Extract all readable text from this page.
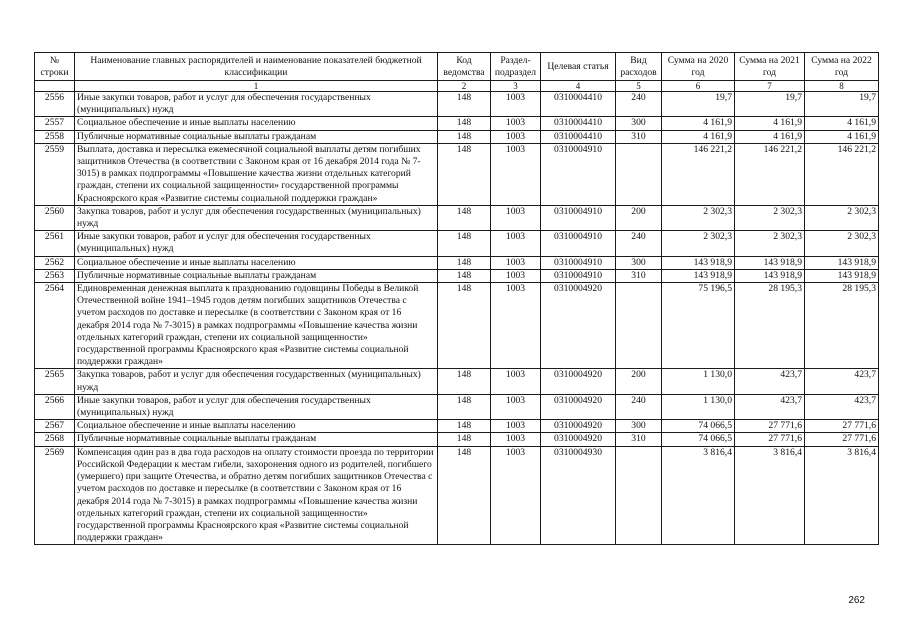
№ строки	Наименование главных распорядителей и наименование показателей бюджетной классификации	Код ведомства	Раздел-подраздел	Целевая статья	Вид расходов	Сумма на 2020 год	Сумма на 2021 год	Сумма на 2022 год
	1	2	3	4	5	6	7	8
2556	Иные закупки товаров, работ и услуг для обеспечения государственных (муниципальных) нужд	148	1003	0310004410	240	19,7	19,7	19,7
2557	Социальное обеспечение и иные выплаты населению	148	1003	0310004410	300	4 161,9	4 161,9	4 161,9
2558	Публичные нормативные социальные выплаты гражданам	148	1003	0310004410	310	4 161,9	4 161,9	4 161,9
2559	Выплата, доставка и пересылка ежемесячной социальной выплаты детям погибших защитников Отечества (в соответствии с Законом края от 16 декабря 2014 года № 7-3015) в рамках подпрограммы «Повышение качества жизни отдельных категорий граждан, степени их социальной защищенности» государственной программы Красноярского края «Развитие системы социальной поддержки граждан»	148	1003	0310004910		146 221,2	146 221,2	146 221,2
2560	Закупка товаров, работ и услуг для обеспечения государственных (муниципальных) нужд	148	1003	0310004910	200	2 302,3	2 302,3	2 302,3
2561	Иные закупки товаров, работ и услуг для обеспечения государственных (муниципальных) нужд	148	1003	0310004910	240	2 302,3	2 302,3	2 302,3
2562	Социальное обеспечение и иные выплаты населению	148	1003	0310004910	300	143 918,9	143 918,9	143 918,9
2563	Публичные нормативные социальные выплаты гражданам	148	1003	0310004910	310	143 918,9	143 918,9	143 918,9
2564	Единовременная денежная выплата к празднованию годовщины Победы в Великой Отечественной войне 1941–1945 годов детям погибших защитников Отечества с учетом расходов по доставке и пересылке (в соответствии с Законом края от 16 декабря 2014 года № 7-3015) в рамках подпрограммы «Повышение качества жизни отдельных категорий граждан, степени их социальной защищенности» государственной программы Красноярского края «Развитие системы социальной поддержки граждан»	148	1003	0310004920		75 196,5	28 195,3	28 195,3
2565	Закупка товаров, работ и услуг для обеспечения государственных (муниципальных) нужд	148	1003	0310004920	200	1 130,0	423,7	423,7
2566	Иные закупки товаров, работ и услуг для обеспечения государственных (муниципальных) нужд	148	1003	0310004920	240	1 130,0	423,7	423,7
2567	Социальное обеспечение и иные выплаты населению	148	1003	0310004920	300	74 066,5	27 771,6	27 771,6
2568	Публичные нормативные социальные выплаты гражданам	148	1003	0310004920	310	74 066,5	27 771,6	27 771,6
2569	Компенсация один раз в два года расходов на оплату стоимости проезда по территории Российской Федерации к местам гибели, захоронения одного из родителей, погибшего (умершего) при защите Отечества, и обратно детям погибших защитников Отечества с учетом расходов по доставке и пересылке (в соответствии с Законом края от 16 декабря 2014 года № 7-3015) в рамках подпрограммы «Повышение качества жизни отдельных категорий граждан, степени их социальной защищенности» государственной программы Красноярского края «Развитие системы социальной поддержки граждан»	148	1003	0310004930		3 816,4	3 816,4	3 816,4
262
